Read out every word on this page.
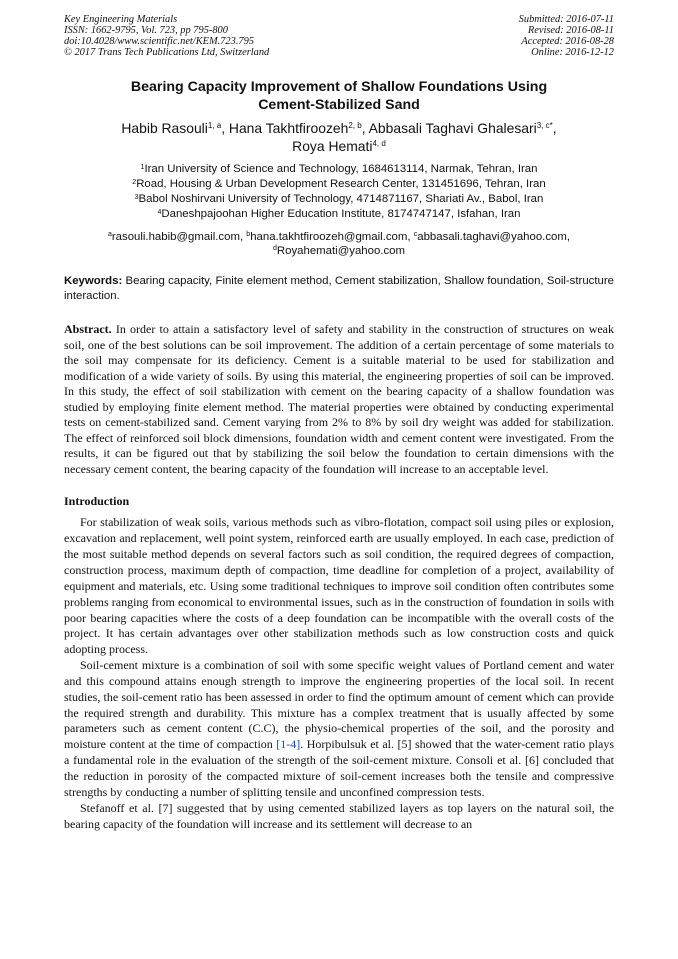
Key Engineering Materials
ISSN: 1662-9795, Vol. 723, pp 795-800
doi:10.4028/www.scientific.net/KEM.723.795
© 2017 Trans Tech Publications Ltd, Switzerland
Submitted: 2016-07-11
Revised: 2016-08-11
Accepted: 2016-08-28
Online: 2016-12-12
Bearing Capacity Improvement of Shallow Foundations Using
Cement-Stabilized Sand
Habib Rasouli$^{1, a}$, Hana Takhtfiroozeh$^{2, b}$, Abbasali Taghavi Ghalesari$^{3, c*}$,
Roya Hemati$^{4, d}$
$^1$Iran University of Science and Technology, 1684613114, Narmak, Tehran, Iran
$^2$Road, Housing & Urban Development Research Center, 131451696, Tehran, Iran
$^3$Babol Noshirvani University of Technology, 4714871167, Shariati Av., Babol, Iran
$^4$Daneshpajoohan Higher Education Institute, 8174747147, Isfahan, Iran
$^a$rasouli.habib@gmail.com, $^b$hana.takhtfiroozeh@gmail.com, $^c$abbasali.taghavi@yahoo.com,
$^d$Royahemati@yahoo.com
Keywords: Bearing capacity, Finite element method, Cement stabilization, Shallow foundation, Soil-structure interaction.
Abstract. In order to attain a satisfactory level of safety and stability in the construction of structures on weak soil, one of the best solutions can be soil improvement. The addition of a certain percentage of some materials to the soil may compensate for its deficiency. Cement is a suitable material to be used for stabilization and modification of a wide variety of soils. By using this material, the engineering properties of soil can be improved. In this study, the effect of soil stabilization with cement on the bearing capacity of a shallow foundation was studied by employing finite element method. The material properties were obtained by conducting experimental tests on cement-stabilized sand. Cement varying from 2% to 8% by soil dry weight was added for stabilization. The effect of reinforced soil block dimensions, foundation width and cement content were investigated. From the results, it can be figured out that by stabilizing the soil below the foundation to certain dimensions with the necessary cement content, the bearing capacity of the foundation will increase to an acceptable level.
Introduction
For stabilization of weak soils, various methods such as vibro-flotation, compact soil using piles or explosion, excavation and replacement, well point system, reinforced earth are usually employed. In each case, prediction of the most suitable method depends on several factors such as soil condition, the required degrees of compaction, construction process, maximum depth of compaction, time deadline for completion of a project, availability of equipment and materials, etc. Using some traditional techniques to improve soil condition often contributes some problems ranging from economical to environmental issues, such as in the construction of foundation in soils with poor bearing capacities where the costs of a deep foundation can be incompatible with the overall costs of the project. It has certain advantages over other stabilization methods such as low construction costs and quick adopting process.
Soil-cement mixture is a combination of soil with some specific weight values of Portland cement and water and this compound attains enough strength to improve the engineering properties of the local soil. In recent studies, the soil-cement ratio has been assessed in order to find the optimum amount of cement which can provide the required strength and durability. This mixture has a complex treatment that is usually affected by some parameters such as cement content (C.C), the physio-chemical properties of the soil, and the porosity and moisture content at the time of compaction [1-4]. Horpibulsuk et al. [5] showed that the water-cement ratio plays a fundamental role in the evaluation of the strength of the soil-cement mixture. Consoli et al. [6] concluded that the reduction in porosity of the compacted mixture of soil-cement increases both the tensile and compressive strengths by conducting a number of splitting tensile and unconfined compression tests.
Stefanoff et al. [7] suggested that by using cemented stabilized layers as top layers on the natural soil, the bearing capacity of the foundation will increase and its settlement will decrease to an
